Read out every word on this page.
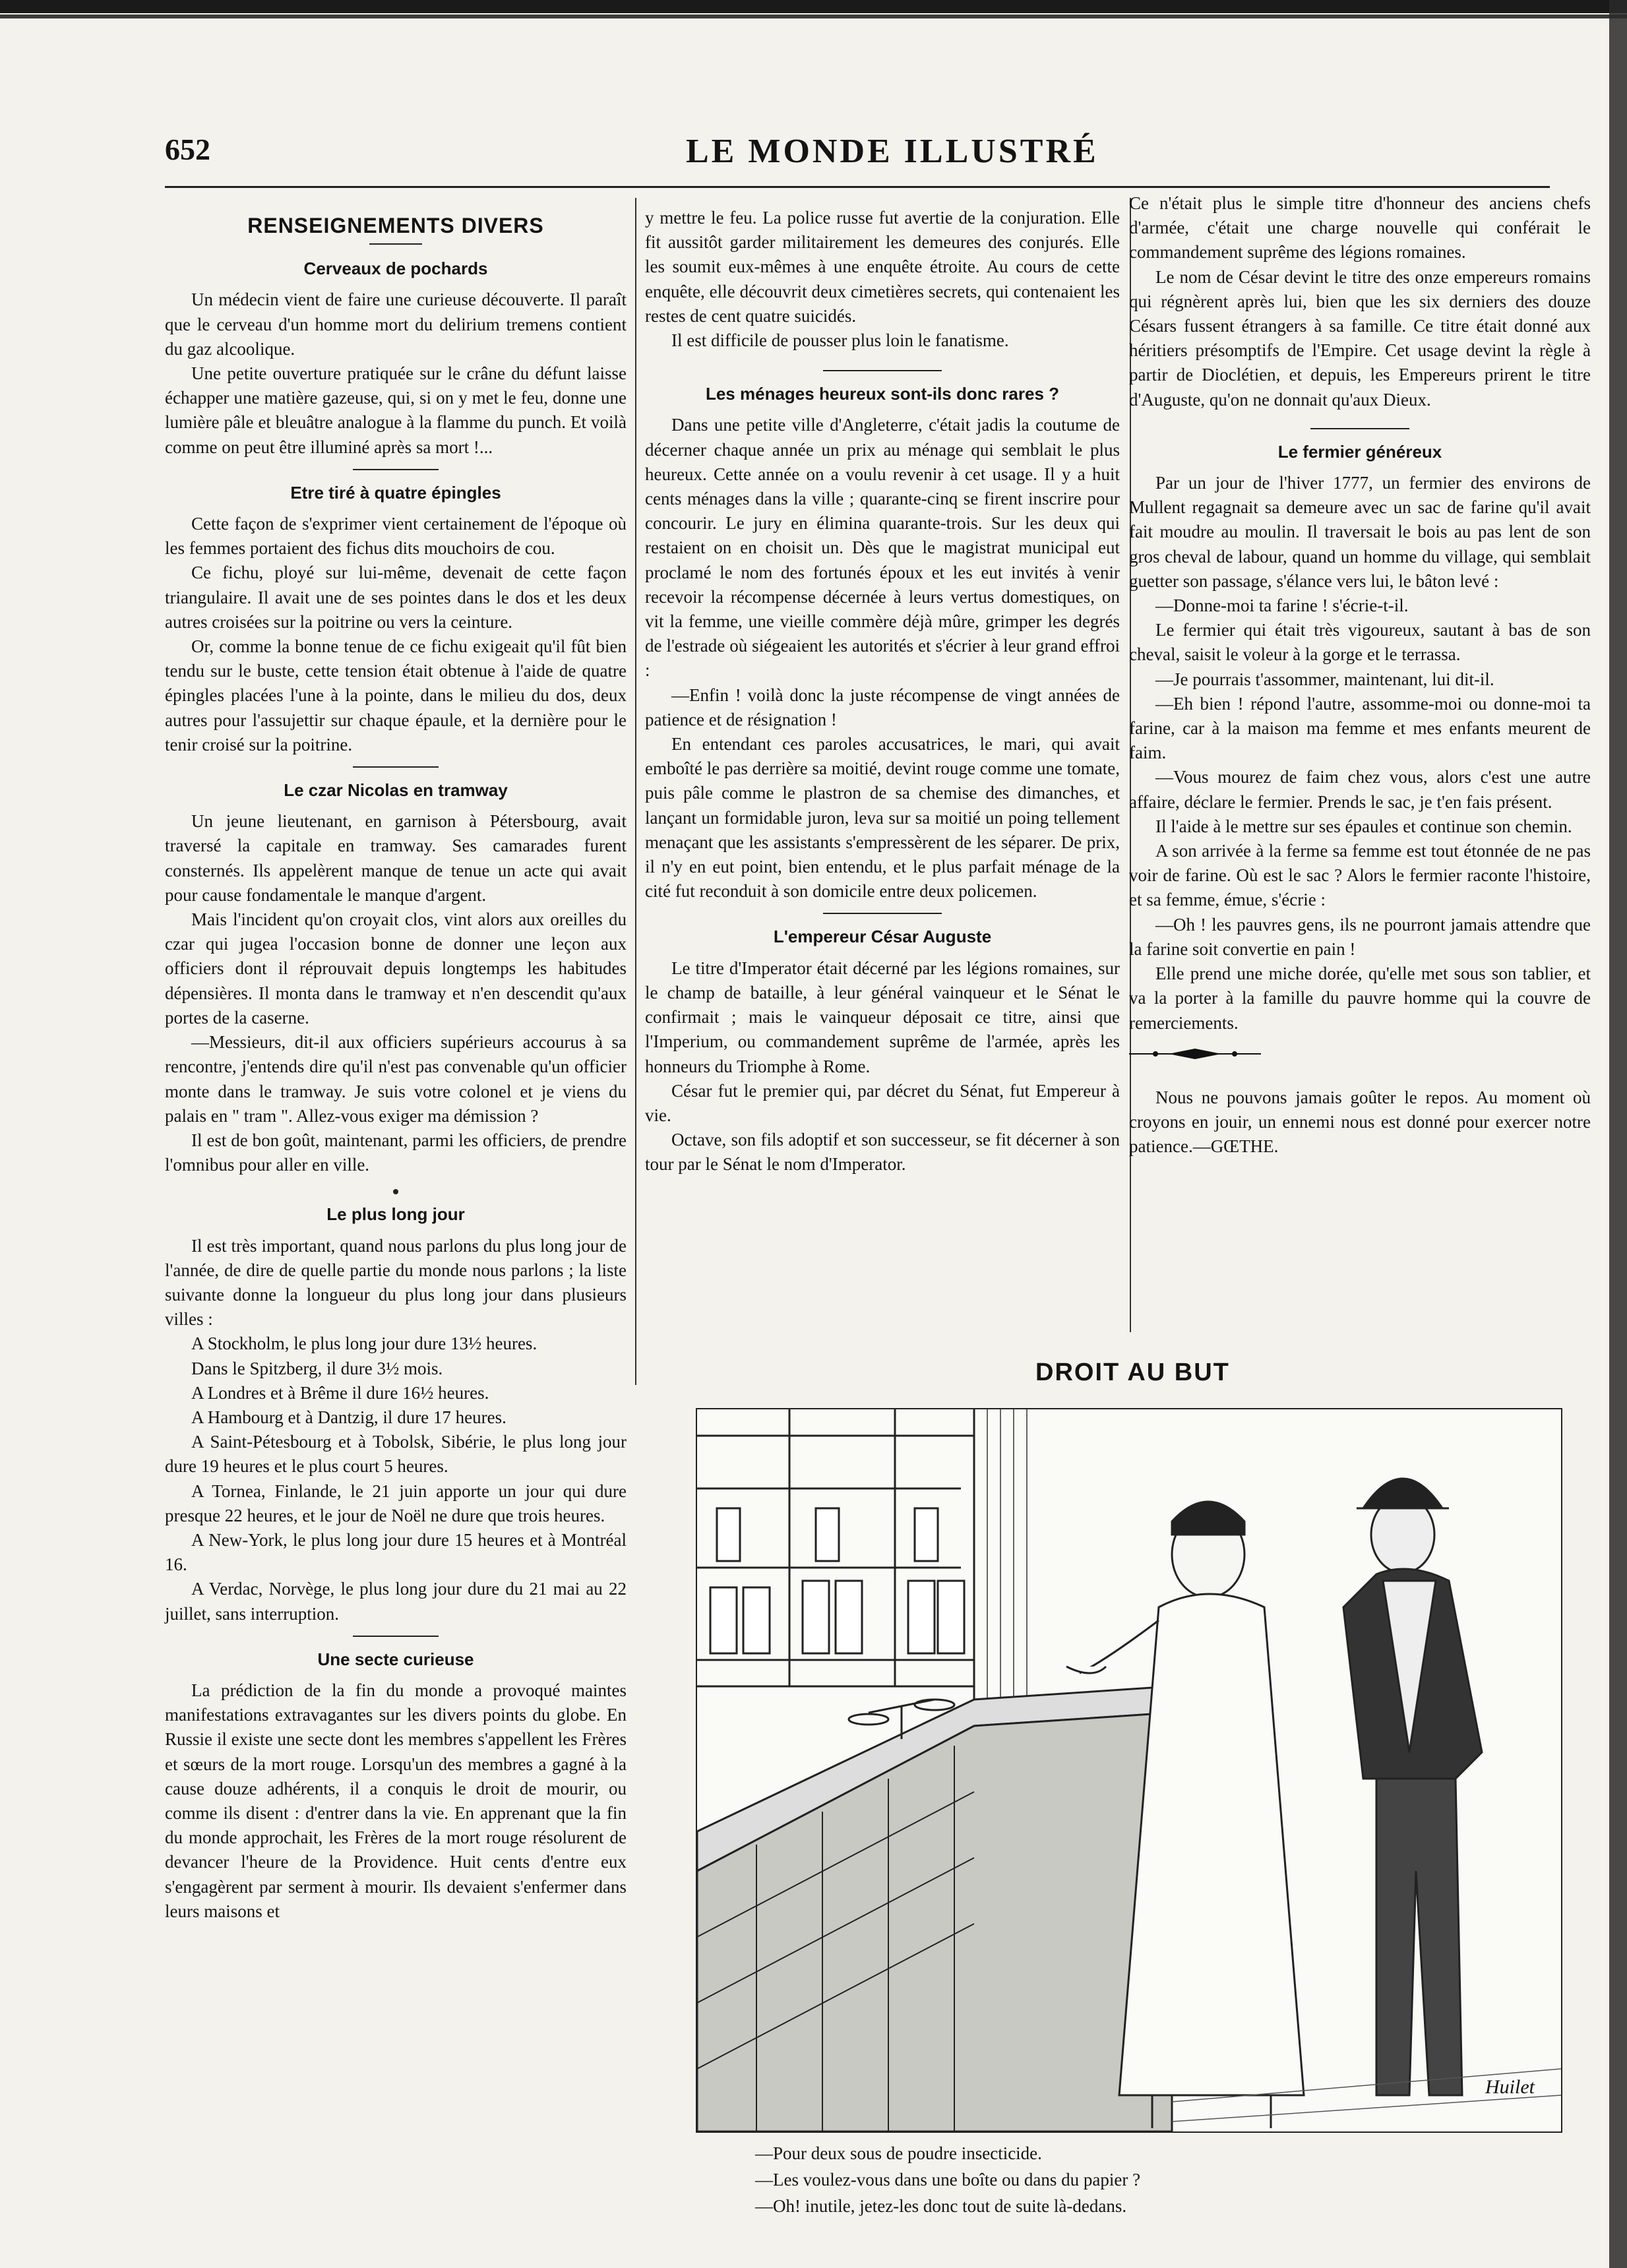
652	LE MONDE ILLUSTRÉ
RENSEIGNEMENTS DIVERS
Cerveaux de pochards

Un médecin vient de faire une curieuse découverte. Il paraît que le cerveau d'un homme mort du delirium tremens contient du gaz alcoolique.

Une petite ouverture pratiquée sur le crâne du défunt laisse échapper une matière gazeuse, qui, si on y met le feu, donne une lumière pâle et bleuâtre analogue à la flamme du punch. Et voilà comme on peut être illuminé après sa mort !...

Etre tiré à quatre épingles

Cette façon de s'exprimer vient certainement de l'époque où les femmes portaient des fichus dits mouchoirs de cou.

Ce fichu, ployé sur lui-même, devenait de cette façon triangulaire. Il avait une de ses pointes dans le dos et les deux autres croisées sur la poitrine ou vers la ceinture.

Or, comme la bonne tenue de ce fichu exigeait qu'il fût bien tendu sur le buste, cette tension était obtenue à l'aide de quatre épingles placées l'une à la pointe, dans le milieu du dos, deux autres pour l'assujettir sur chaque épaule, et la dernière pour le tenir croisé sur la poitrine.

Le czar Nicolas en tramway

Un jeune lieutenant, en garnison à Pétersbourg, avait traversé la capitale en tramway. Ses camarades furent consternés. Ils appelèrent manque de tenue un acte qui avait pour cause fondamentale le manque d'argent.

Mais l'incident qu'on croyait clos, vint alors aux oreilles du czar qui jugea l'occasion bonne de donner une leçon aux officiers dont il réprouvait depuis longtemps les habitudes dépensières. Il monta dans le tramway et n'en descendit qu'aux portes de la caserne.

—Messieurs, dit-il aux officiers supérieurs accourus à sa rencontre, j'entends dire qu'il n'est pas convenable qu'un officier monte dans le tramway. Je suis votre colonel et je viens du palais en " tram ". Allez-vous exiger ma démission ?

Il est de bon goût, maintenant, parmi les officiers, de prendre l'omnibus pour aller en ville.

Le plus long jour

Il est très important, quand nous parlons du plus long jour de l'année, de dire de quelle partie du monde nous parlons ; la liste suivante donne la longueur du plus long jour dans plusieurs villes :

A Stockholm, le plus long jour dure 13½ heures.

Dans le Spitzberg, il dure 3½ mois.

A Londres et à Brême il dure 16½ heures.

A Hambourg et à Dantzig, il dure 17 heures.

A Saint-Pétesbourg et à Tobolsk, Sibérie, le plus long jour dure 19 heures et le plus court 5 heures.

A Tornea, Finlande, le 21 juin apporte un jour qui dure presque 22 heures, et le jour de Noël ne dure que trois heures.

A New-York, le plus long jour dure 15 heures et à Montréal 16.

A Verdac, Norvège, le plus long jour dure du 21 mai au 22 juillet, sans interruption.

Une secte curieuse

La prédiction de la fin du monde a provoqué maintes manifestations extravagantes sur les divers points du globe. En Russie il existe une secte dont les membres s'appellent les Frères et sœurs de la mort rouge. Lorsqu'un des membres a gagné à la cause douze adhérents, il a conquis le droit de mourir, ou comme ils disent : d'entrer dans la vie. En apprenant que la fin du monde approchait, les Frères de la mort rouge résolurent de devancer l'heure de la Providence. Huit cents d'entre eux s'engagèrent par serment à mourir. Ils devaient s'enfermer dans leurs maisons et

y mettre le feu. La police russe fut avertie de la conjuration. Elle fit aussitôt garder militairement les demeures des conjurés. Elle les soumit eux-mêmes à une enquête étroite. Au cours de cette enquête, elle découvrit deux cimetières secrets, qui contenaient les restes de cent quatre suicidés.

Il est difficile de pousser plus loin le fanatisme.

Les ménages heureux sont-ils donc rares ?

Dans une petite ville d'Angleterre, c'était jadis la coutume de décerner chaque année un prix au ménage qui semblait le plus heureux. Cette année on a voulu revenir à cet usage. Il y a huit cents ménages dans la ville ; quarante-cinq se firent inscrire pour concourir. Le jury en élimina quarante-trois. Sur les deux qui restaient on en choisit un. Dès que le magistrat municipal eut proclamé le nom des fortunés époux et les eut invités à venir recevoir la récompense décernée à leurs vertus domestiques, on vit la femme, une vieille commère déjà mûre, grimper les degrés de l'estrade où siégeaient les autorités et s'écrier à leur grand effroi :

—Enfin ! voilà donc la juste récompense de vingt années de patience et de résignation !

En entendant ces paroles accusatrices, le mari, qui avait emboîté le pas derrière sa moitié, devint rouge comme une tomate, puis pâle comme le plastron de sa chemise des dimanches, et lançant un formidable juron, leva sur sa moitié un poing tellement menaçant que les assistants s'empressèrent de les séparer. De prix, il n'y en eut point, bien entendu, et le plus parfait ménage de la cité fut reconduit à son domicile entre deux policemen.

L'empereur César Auguste

Le titre d'Imperator était décerné par les légions romaines, sur le champ de bataille, à leur général vainqueur et le Sénat le confirmait ; mais le vainqueur déposait ce titre, ainsi que l'Imperium, ou commandement suprême de l'armée, après les honneurs du Triomphe à Rome.

César fut le premier qui, par décret du Sénat, fut Empereur à vie.

Octave, son fils adoptif et son successeur, se fit décerner à son tour par le Sénat le nom d'Imperator.

Ce n'était plus le simple titre d'honneur des anciens chefs d'armée, c'était une charge nouvelle qui conférait le commandement suprême des légions romaines.

Le nom de César devint le titre des onze empereurs romains qui régnèrent après lui, bien que les six derniers des douze Césars fussent étrangers à sa famille. Ce titre était donné aux héritiers présomptifs de l'Empire. Cet usage devint la règle à partir de Dioclétien, et depuis, les Empereurs prirent le titre d'Auguste, qu'on ne donnait qu'aux Dieux.

Le fermier généreux

Par un jour de l'hiver 1777, un fermier des environs de Mullent regagnait sa demeure avec un sac de farine qu'il avait fait moudre au moulin. Il traversait le bois au pas lent de son gros cheval de labour, quand un homme du village, qui semblait guetter son passage, s'élance vers lui, le bâton levé :

—Donne-moi ta farine ! s'écrie-t-il.

Le fermier qui était très vigoureux, sautant à bas de son cheval, saisit le voleur à la gorge et le terrassa.

—Je pourrais t'assommer, maintenant, lui dit-il.

—Eh bien ! répond l'autre, assomme-moi ou donne-moi ta farine, car à la maison ma femme et mes enfants meurent de faim.

—Vous mourez de faim chez vous, alors c'est une autre affaire, déclare le fermier. Prends le sac, je t'en fais présent.

Il l'aide à le mettre sur ses épaules et continue son chemin.

A son arrivée à la ferme sa femme est tout étonnée de ne pas voir de farine. Où est le sac ? Alors le fermier raconte l'histoire, et sa femme, émue, s'écrie :

—Oh ! les pauvres gens, ils ne pourront jamais attendre que la farine soit convertie en pain !

Elle prend une miche dorée, qu'elle met sous son tablier, et va la porter à la famille du pauvre homme qui la couvre de remerciements.

Nous ne pouvons jamais goûter le repos. Au moment où croyons en jouir, un ennemi nous est donné pour exercer notre patience.—GŒTHE.

DROIT AU BUT
Huilet
—Pour deux sous de poudre insecticide.
—Les voulez-vous dans une boîte ou dans du papier ?
—Oh! inutile, jetez-les donc tout de suite là-dedans.
